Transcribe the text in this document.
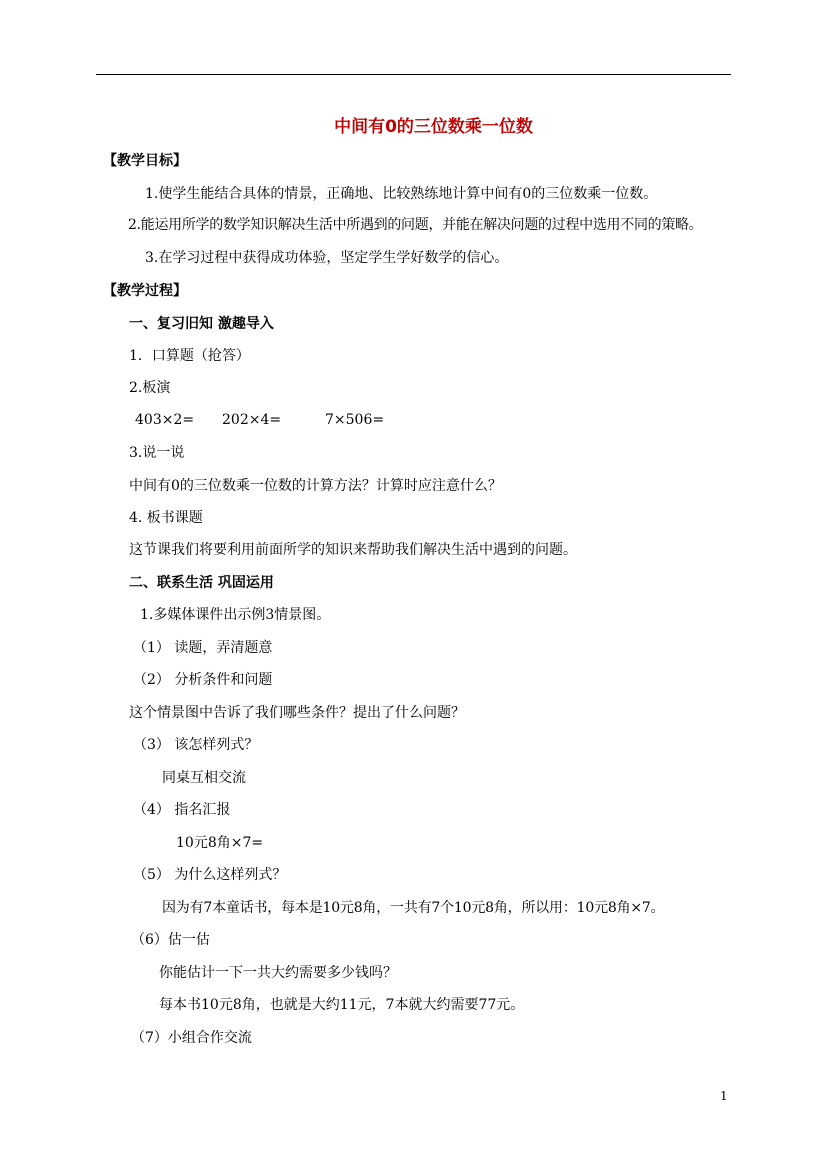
中间有0的三位数乘一位数
【教学目标】
1.使学生能结合具体的情景，正确地、比较熟练地计算中间有0的三位数乘一位数。
2.能运用所学的数学知识解决生活中所遇到的问题，并能在解决问题的过程中选用不同的策略。
3.在学习过程中获得成功体验，坚定学生学好数学的信心。
【教学过程】
一、复习旧知 激趣导入
1．口算题（抢答）
2.板演
403×2= 202×4=	7×506=
3.说一说
中间有0的三位数乘一位数的计算方法？计算时应注意什么？
4. 板书课题
这节课我们将要利用前面所学的知识来帮助我们解决生活中遇到的问题。
二、联系生活 巩固运用
1.多媒体课件出示例3情景图。
（1） 读题，弄清题意
（2） 分析条件和问题
这个情景图中告诉了我们哪些条件？提出了什么问题？
（3） 该怎样列式？
同桌互相交流
（4） 指名汇报
10元8角×7=
（5） 为什么这样列式？
因为有7本童话书，每本是10元8角，一共有7个10元8角，所以用：10元8角×7。
（6）估一估
你能估计一下一共大约需要多少钱吗？
每本书10元8角，也就是大约11元，7本就大约需要77元。
（7）小组合作交流
1
